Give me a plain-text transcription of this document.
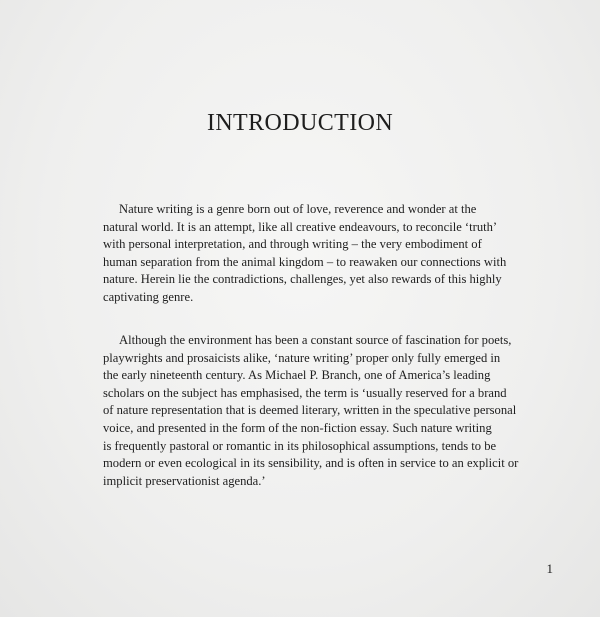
INTRODUCTION

Nature writing is a genre born out of love, reverence and wonder at the
natural world. It is an attempt, like all creative endeavours, to reconcile ‘truth’
with personal interpretation, and through writing – the very embodiment of
human separation from the animal kingdom – to reawaken our connections with
nature. Herein lie the contradictions, challenges, yet also rewards of this highly
captivating genre.

Although the environment has been a constant source of fascination for poets,
playwrights and prosaicists alike, ‘nature writing’ proper only fully emerged in
the early nineteenth century. As Michael P. Branch, one of America’s leading
scholars on the subject has emphasised, the term is ‘usually reserved for a brand
of nature representation that is deemed literary, written in the speculative personal
voice, and presented in the form of the non-fiction essay. Such nature writing
is frequently pastoral or romantic in its philosophical assumptions, tends to be
modern or even ecological in its sensibility, and is often in service to an explicit or
implicit preservationist agenda.’

1
